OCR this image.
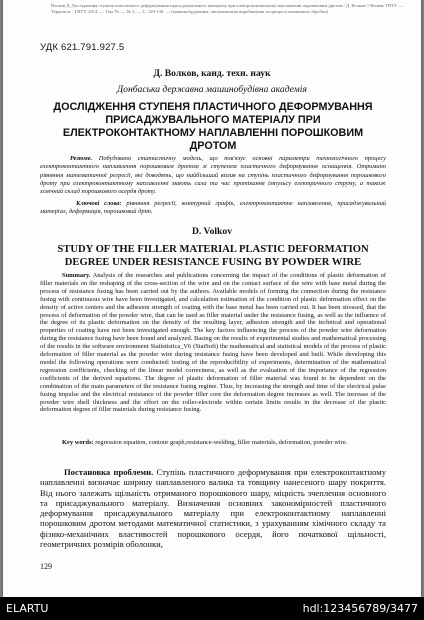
Волков Д. Дослідження ступеня пластичного деформування присаджувального матеріалу при електроконтактному наплавленні порошковим дротом / Д. Волков // Вісник ТНТУ. — Тернопіль : ТНТУ, 2014. — Том 76. — № 2. — С. 129-136. — (машинобудування, автоматизація виробництва та процеси механічної обробки).
УДК 621.791.927.5
Д. Волков, канд. техн. наук
Донбаська державна машинобудівна академія
ДОСЛІДЖЕННЯ СТУПЕНЯ ПЛАСТИЧНОГО ДЕФОРМУВАННЯ ПРИСАДЖУВАЛЬНОГО МАТЕРІАЛУ ПРИ ЕЛЕКТРОКОНТАКТНОМУ НАПЛАВЛЕННІ ПОРОШКОВИМ ДРОТОМ
Резюме. Побудовано статистичну модель, що пов'язує основні параметри технологічного процесу електроконтактного наплавлення порошковим дротом зі ступенем пластичного деформування оснащення. Отримано рівняння математичної регресії, які доводять, що найбільший вплив на ступінь пластичного деформування порошкового дроту при електроконтактному наплавленні мають сила та час протікання імпульсу електричного струму, а також хімічний склад порошкового осердя дроту.
Ключові слова: рівняння регресії, контурний графік, електроконтактне наплавлення, присаджувальний матеріал, деформація, порошковий дріт.
D. Volkov
STUDY OF THE FILLER MATERIAL PLASTIC DEFORMATION DEGREE UNDER RESISTANCE FUSING BY POWDER WIRE
Summary. Analysis of the researches and publications concerning the impact of the conditions of plastic deformation of filler materials on the reshaping of the cross-section of the wire and on the contact surface of the wire with base metal during the process of resistance fusing has been carried out by the authors. Available models of forming the connection during the resistance fusing with continuous wire have been investigated, and calculation estimation of the condition of plastic deformation effect on the density of active centers and the adhesion strength of coating with the base metal has been carried out. It has been stressed, that the process of deformation of the powder wire, that can be used as filler material under the resistance fusing, as well as the influence of the degree of its plastic deformation on the density of the resulting layer, adhesion strength and the technical and operational properties of coating have not been investigated enough. The key factors influencing the process of the powder wire deformation during the resistance fusing have been found and analyzed. Basing on the results of experimental studies and mathematical processing of the results in the software environment Statististica_V6 (StatSoft) the mathematical and statistical models of the process of plastic deformation of filler material as the powder wire during resistance fusing have been developed and built. While developing this model the following operations were conducted: testing of the reproducibility of experiments, determination of the mathematical regression coefficients, checking of the linear model correctness, as well as the evaluation of the importance of the regression coefficients of the derived equations. The degree of plastic deformation of filler material was found to be dependent on the combination of the main parameters of the resistance fusing regime. Thus, by increasing the strength and time of the electrical pulse fusing impulse and the electrical resistance of the powder filler core the deformation degree increases as well. The increase of the powder wire shell thickness and the effort on the roller-electrode within certain limits results in the decrease of the plastic deformation degree of filler materials during resistance fusing.
Key words: regression equation, contour graph,resistance-welding, filler materials, deformation, powder wire.
Постановка проблеми. Ступінь пластичного деформування при електроконтактному наплавленні визначає ширину наплавленого валика та товщину нанесеного шару покриття. Від нього залежать щільність отриманого порошкового шару, міцність зчеплення основного та присаджувального матеріалу. Визначення основних закономірностей пластичного деформування присаджувального матеріалу при електроконтактному наплавленні порошковим дротом методами математичної статистики, з урахуванням хімічного складу та фізико-механічних властивостей порошкового осердя, його початкової щільності, геометричних розмірів оболонки,
129
ELARTU	hdl:123456789/3477
